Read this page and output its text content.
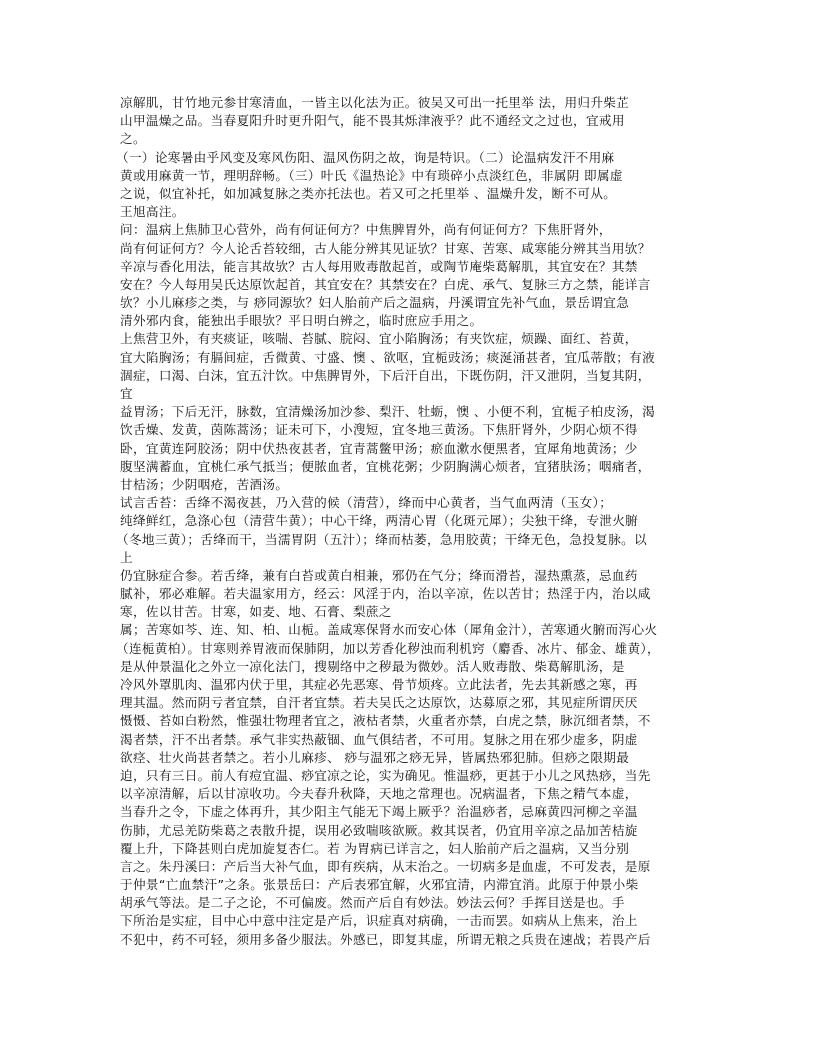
凉解肌，甘竹地元参甘寒清血，一皆主以化法为正。彼吴又可出一托里举 法，用归升柴芷
山甲温燥之品。当春夏阳升时更升阳气，能不畏其烁津液乎？此不通经文之过也，宜戒用
之。
（一）论寒暑由乎风变及寒风伤阳、温风伤阴之故，询是特识。（二）论温病发汗不用麻
黄或用麻黄一节，理明辞畅。（三）叶氏《温热论》中有琐碎小点淡红色，非属阴 即属虚
之说，似宜补托，如加减复脉之类亦托法也。若又可之托里举 、温燥升发，断不可从。
王旭高注。
问：温病上焦肺卫心营外，尚有何证何方？中焦脾胃外，尚有何证何方？下焦肝肾外，
尚有何证何方？今人论舌苔较细，古人能分辨其见证欤？甘寒、苦寒、咸寒能分辨其当用欤？
辛凉与香化用法，能言其故欤？古人每用败毒散起首，或陶节庵柴葛解肌，其宜安在？其禁
安在？今人每用吴氏达原饮起首，其宜安在？其禁安在？白虎、承气、复脉三方之禁，能详言
欤？小儿麻疹之类，与 痧同源欤？妇人胎前产后之温病，丹溪谓宜先补气血，景岳谓宜急
清外邪内食，能独出手眼欤？平日明白辨之，临时庶应手用之。
上焦营卫外，有夹痰证，咳喘、苔腻、脘闷、宜小陷胸汤；有夹饮症，烦躁、面红、苔黄，
宜大陷胸汤；有膈间症，舌微黄、寸盛、懊 、欲呕，宜栀豉汤；痰涎涌甚者，宜瓜蒂散；有液
涸症，口渴、白沫，宜五汁饮。中焦脾胃外，下后汗自出，下既伤阴，汗又泄阴，当复其阴，
宜
益胃汤；下后无汗，脉数，宜清燥汤加沙参、梨汗、牡蛎，懊 、小便不利，宜栀子柏皮汤，渴
饮舌燥、发黄，茵陈蒿汤；证未可下，小溲短，宜冬地三黄汤。下焦肝肾外，少阴心烦不得
卧，宜黄连阿胶汤；阴中伏热夜甚者，宜青蒿鳖甲汤；瘀血漱水便黑者，宜犀角地黄汤；少
腹坚满蓄血，宜桃仁承气抵当；便脓血者，宜桃花粥；少阴胸满心烦者，宜猪肤汤；咽痛者，
甘桔汤；少阴咽疮，苦酒汤。
试言舌苔：舌绛不渴夜甚，乃入营的候（清营），绛而中心黄者，当气血两清（玉女）；
纯绛鲜红，急涤心包（清营牛黄）；中心干绛，两清心胃（化斑元犀）；尖独干绛，专泄火腑
（冬地三黄）；舌绛而干，当濡胃阴（五汁）；绛而枯萎，急用胶黄；干绛无色，急投复脉。以
上
仍宜脉症合参。若舌绛，兼有白苔或黄白相兼，邪仍在气分；绛而滑苔，湿热熏蒸，忌血药
腻补，邪必难解。若夫温家用方，经云：风淫于内，治以辛凉，佐以苦甘；热淫于内，治以咸
寒，佐以甘苦。甘寒，如麦、地、石膏、梨蔗之
属；苦寒如芩、连、知、柏、山栀。盖咸寒保肾水而安心体（犀角金汁），苦寒通火腑而泻心火
（连栀黄柏）。甘寒则养胃液而保肺阴，加以芳香化秽浊而利机窍（麝香、冰片、郁金、雄黄），
是从仲景温化之外立一凉化法门，搜剔络中之秽最为微妙。活人败毒散、柴葛解肌汤，是
冷风外罩肌肉、温邪内伏于里，其症必先恶寒、骨节烦疼。立此法者，先去其新感之寒，再
理其温。然而阴亏者宜禁，自汗者宜禁。若夫吴氏之达原饮，达募原之邪，其见症所谓厌厌
慑慑、苔如白粉然，惟强壮物理者宜之，液枯者禁，火重者亦禁，白虎之禁，脉沉细者禁，不
渴者禁，汗不出者禁。承气非实热蔽锢、血气俱结者，不可用。复脉之用在邪少虚多，阴虚
欲痉、壮火尚甚者禁之。若小儿麻疹、 痧与温邪之痧无异，皆属热邪犯肺。但痧之限期最
迫，只有三日。前人有痘宜温、痧宜凉之论，实为确见。惟温痧，更甚于小儿之风热痧，当先
以辛凉清解，后以甘凉收功。今夫春升秋降，天地之常理也。况病温者，下焦之精气本虚，
当春升之令，下虚之体再升，其少阳主气能无下竭上厥乎？治温痧者，忌麻黄四河柳之辛温
伤肺，尤忌羌防柴葛之表散升提，误用必致喘咳欲厥。救其误者，仍宜用辛凉之品加苦桔旋
覆上升，下降甚则白虎加旋复杏仁。若 为胃病已详言之，妇人胎前产后之温病，又当分别
言之。朱丹溪曰：产后当大补气血，即有疾病，从末治之。一切病多是血虚，不可发表，是原
于仲景“亡血禁汗”之条。张景岳曰：产后表邪宜解，火邪宜清，内滞宜消。此原于仲景小柴
胡承气等法。是二子之论，不可偏废。然而产后自有妙法。妙法云何？手挥目送是也。手
下所治是实症，目中心中意中注定是产后，识症真对病确，一击而罢。如病从上焦来，治上
不犯中，药不可轻，须用多备少服法。外感已，即复其虚，所谓无粮之兵贵在速战；若畏产后
